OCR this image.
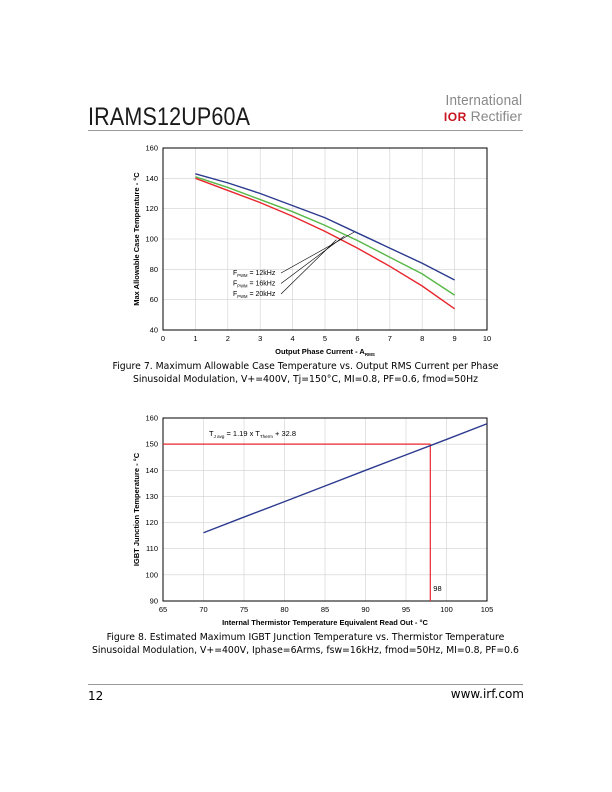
IRAMS12UP60A
International
IOR Rectifier
0	1	2	3	4	5	6	7	8	9	10
40
60
80
100
120
140
160
Output Phase Current - $A_{RMS}$
Max Allowable Case Temperature - °C	$F_{PWM} = 12kHz$
$F_{PWM} = 16kHz$
$F_{PWM} = 20kHz$
65	70	75	80	85	90	95	100	105
90
100
110
120
130
140
150
160
Internal Thermistor Temperature Equivalent Read Out - °C
IGBT Junction Temperature - °C
98
$T_{J avg} = 1.19$ x $T_{Therm} + 32.8$
Figure 7. Maximum Allowable Case Temperature vs. Output RMS Current per Phase
Sinusoidal Modulation, V+=400V, Tj=150°C, MI=0.8, PF=0.6, fmod=50Hz
Figure 8. Estimated Maximum IGBT Junction Temperature vs. Thermistor Temperature
Sinusoidal Modulation, V+=400V, Iphase=6Arms, fsw=16kHz, fmod=50Hz, MI=0.8, PF=0.6
12	www.irf.com
